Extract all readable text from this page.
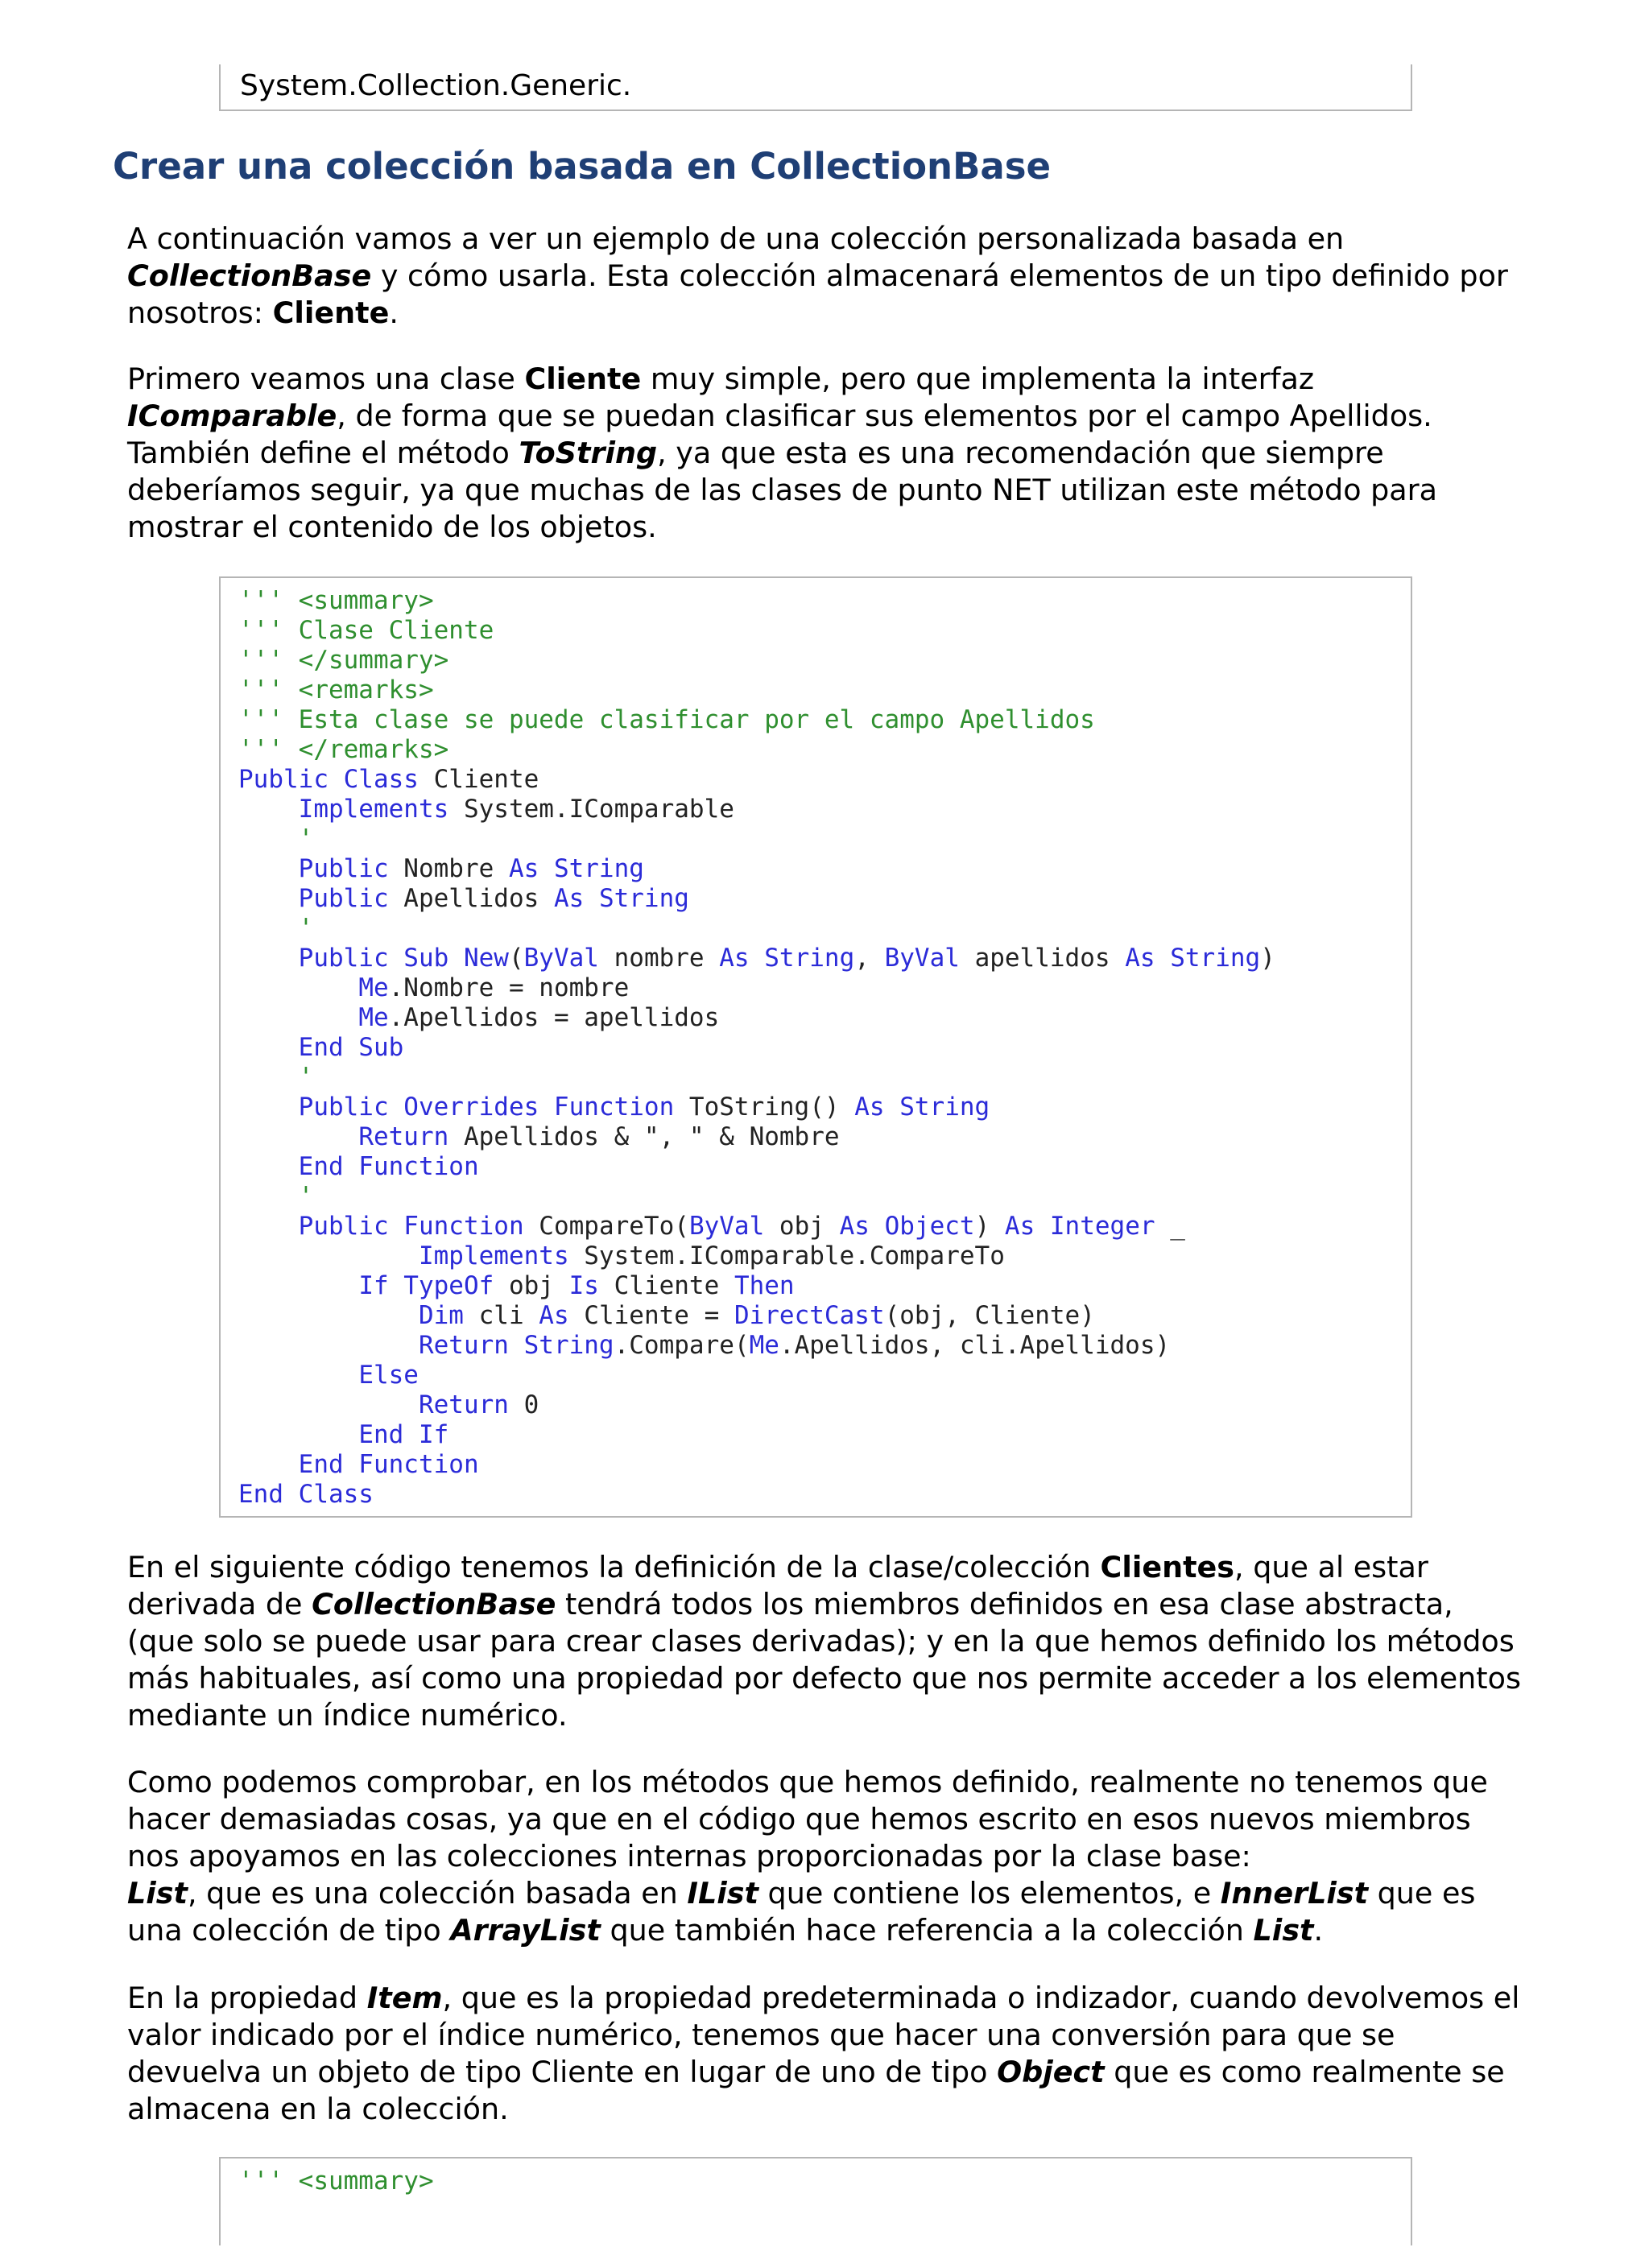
System.Collection.Generic.
Crear una colección basada en CollectionBase

A continuación vamos a ver un ejemplo de una colección personalizada basada en CollectionBase y cómo usarla. Esta colección almacenará elementos de un tipo definido por nosotros: Cliente.

Primero veamos una clase Cliente muy simple, pero que implementa la interfaz IComparable, de forma que se puedan clasificar sus elementos por el campo Apellidos. También define el método ToString, ya que esta es una recomendación que siempre deberíamos seguir, ya que muchas de las clases de punto NET utilizan este método para mostrar el contenido de los objetos.

''' <summary>
''' Clase Cliente
''' </summary>
''' <remarks>
''' Esta clase se puede clasificar por el campo Apellidos
''' </remarks>
Public Class Cliente
Implements System.IComparable
'
Public Nombre As String
Public Apellidos As String
'
Public Sub New(ByVal nombre As String, ByVal apellidos As String)
Me.Nombre = nombre
Me.Apellidos = apellidos
End Sub
'
Public Overrides Function ToString() As String
Return Apellidos & ", " & Nombre
End Function
'
Public Function CompareTo(ByVal obj As Object) As Integer _
Implements System.IComparable.CompareTo
If TypeOf obj Is Cliente Then
Dim cli As Cliente = DirectCast(obj, Cliente)
Return String.Compare(Me.Apellidos, cli.Apellidos)
Else
Return 0
End If
End Function
End Class

En el siguiente código tenemos la definición de la clase/colección Clientes, que al estar derivada de CollectionBase tendrá todos los miembros definidos en esa clase abstracta, (que solo se puede usar para crear clases derivadas); y en la que hemos definido los métodos más habituales, así como una propiedad por defecto que nos permite acceder a los elementos mediante un índice numérico.

Como podemos comprobar, en los métodos que hemos definido, realmente no tenemos que hacer demasiadas cosas, ya que en el código que hemos escrito en esos nuevos miembros nos apoyamos en las colecciones internas proporcionadas por la clase base:
List, que es una colección basada en IList que contiene los elementos, e InnerList que es una colección de tipo ArrayList que también hace referencia a la colección List.

En la propiedad Item, que es la propiedad predeterminada o indizador, cuando devolvemos el valor indicado por el índice numérico, tenemos que hacer una conversión para que se devuelva un objeto de tipo Cliente en lugar de uno de tipo Object que es como realmente se almacena en la colección.

''' <summary>
